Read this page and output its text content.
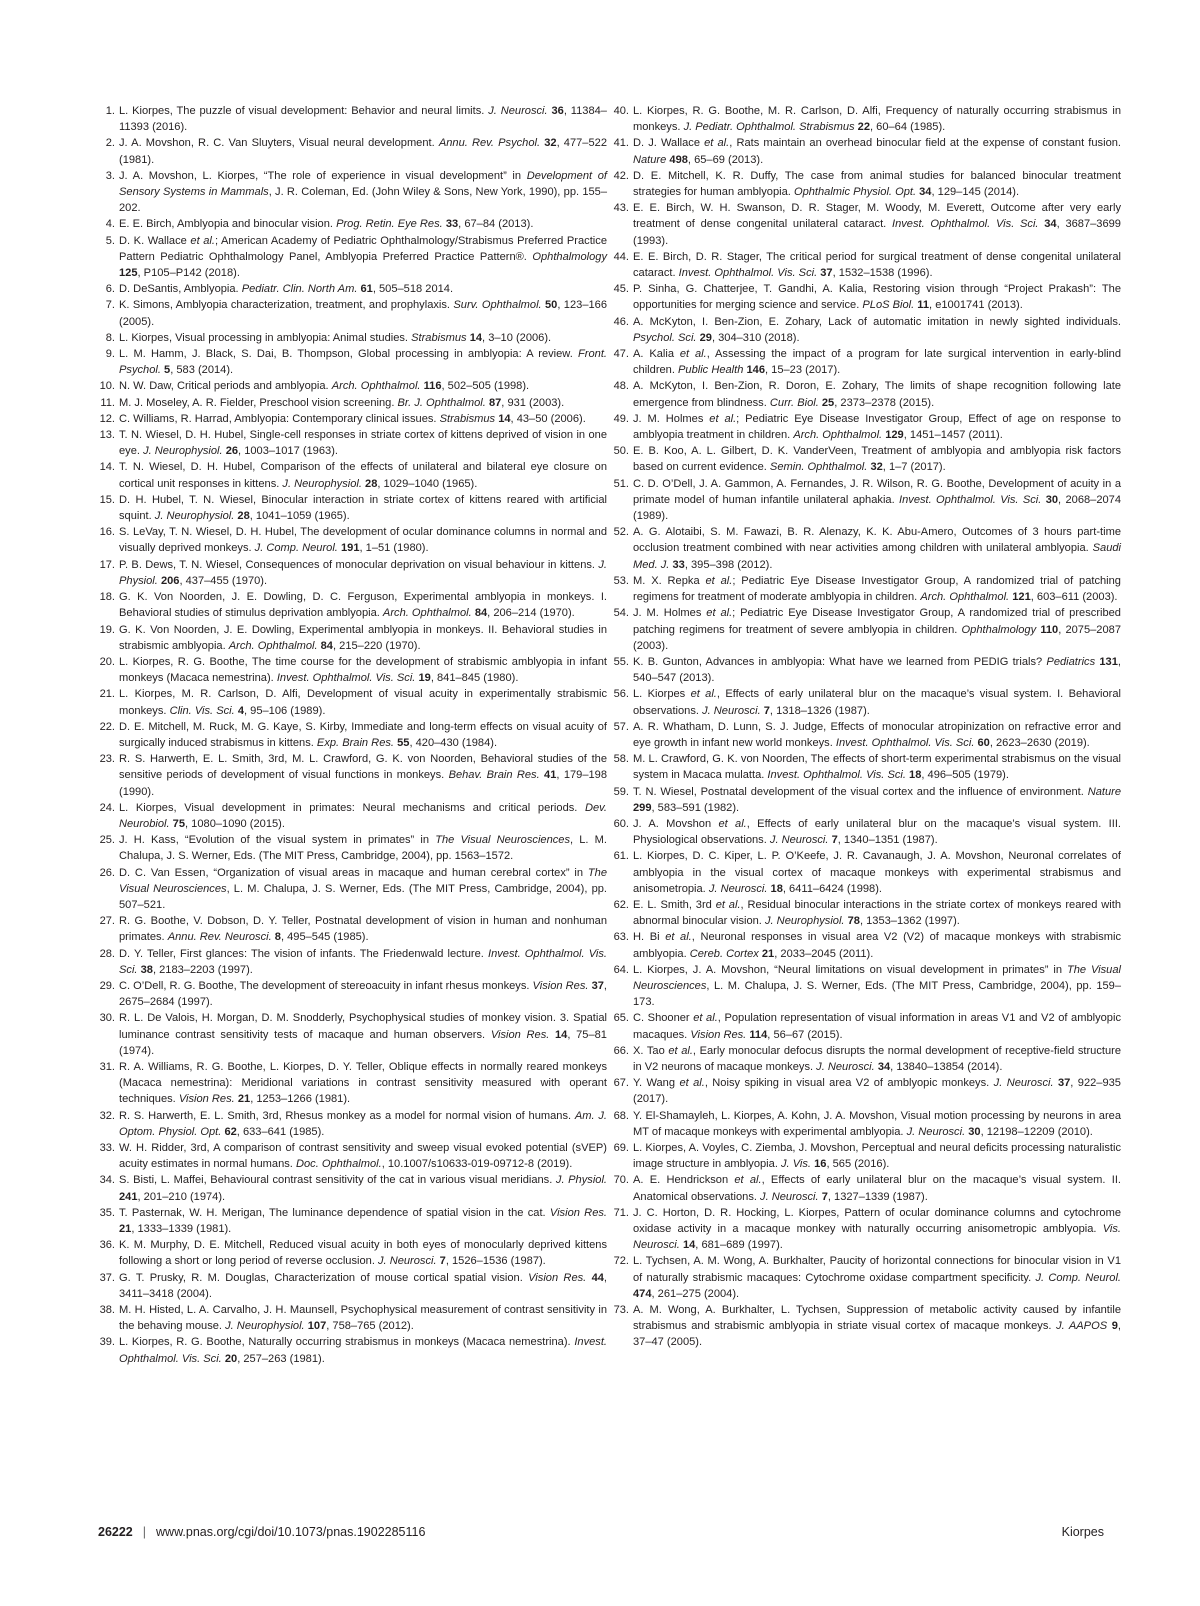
1. L. Kiorpes, The puzzle of visual development: Behavior and neural limits. J. Neurosci. 36, 11384–11393 (2016).

2. J. A. Movshon, R. C. Van Sluyters, Visual neural development. Annu. Rev. Psychol. 32, 477–522 (1981).

3. J. A. Movshon, L. Kiorpes, “The role of experience in visual development” in Development of Sensory Systems in Mammals, J. R. Coleman, Ed. (John Wiley & Sons, New York, 1990), pp. 155–202.

4. E. E. Birch, Amblyopia and binocular vision. Prog. Retin. Eye Res. 33, 67–84 (2013).

5. D. K. Wallace et al.; American Academy of Pediatric Ophthalmology/Strabismus Preferred Practice Pattern Pediatric Ophthalmology Panel, Amblyopia Preferred Practice Pattern®. Ophthalmology 125, P105–P142 (2018).

6. D. DeSantis, Amblyopia. Pediatr. Clin. North Am. 61, 505–518 2014.

7. K. Simons, Amblyopia characterization, treatment, and prophylaxis. Surv. Ophthalmol. 50, 123–166 (2005).

8. L. Kiorpes, Visual processing in amblyopia: Animal studies. Strabismus 14, 3–10 (2006).

9. L. M. Hamm, J. Black, S. Dai, B. Thompson, Global processing in amblyopia: A review. Front. Psychol. 5, 583 (2014).

10. N. W. Daw, Critical periods and amblyopia. Arch. Ophthalmol. 116, 502–505 (1998).

11. M. J. Moseley, A. R. Fielder, Preschool vision screening. Br. J. Ophthalmol. 87, 931 (2003).

12. C. Williams, R. Harrad, Amblyopia: Contemporary clinical issues. Strabismus 14, 43–50 (2006).

13. T. N. Wiesel, D. H. Hubel, Single-cell responses in striate cortex of kittens deprived of vision in one eye. J. Neurophysiol. 26, 1003–1017 (1963).

14. T. N. Wiesel, D. H. Hubel, Comparison of the effects of unilateral and bilateral eye closure on cortical unit responses in kittens. J. Neurophysiol. 28, 1029–1040 (1965).

15. D. H. Hubel, T. N. Wiesel, Binocular interaction in striate cortex of kittens reared with artificial squint. J. Neurophysiol. 28, 1041–1059 (1965).

16. S. LeVay, T. N. Wiesel, D. H. Hubel, The development of ocular dominance columns in normal and visually deprived monkeys. J. Comp. Neurol. 191, 1–51 (1980).

17. P. B. Dews, T. N. Wiesel, Consequences of monocular deprivation on visual behaviour in kittens. J. Physiol. 206, 437–455 (1970).

18. G. K. Von Noorden, J. E. Dowling, D. C. Ferguson, Experimental amblyopia in monkeys. I. Behavioral studies of stimulus deprivation amblyopia. Arch. Ophthalmol. 84, 206–214 (1970).

19. G. K. Von Noorden, J. E. Dowling, Experimental amblyopia in monkeys. II. Behavioral studies in strabismic amblyopia. Arch. Ophthalmol. 84, 215–220 (1970).

20. L. Kiorpes, R. G. Boothe, The time course for the development of strabismic amblyopia in infant monkeys (Macaca nemestrina). Invest. Ophthalmol. Vis. Sci. 19, 841–845 (1980).

21. L. Kiorpes, M. R. Carlson, D. Alfi, Development of visual acuity in experimentally strabismic monkeys. Clin. Vis. Sci. 4, 95–106 (1989).

22. D. E. Mitchell, M. Ruck, M. G. Kaye, S. Kirby, Immediate and long-term effects on visual acuity of surgically induced strabismus in kittens. Exp. Brain Res. 55, 420–430 (1984).

23. R. S. Harwerth, E. L. Smith, 3rd, M. L. Crawford, G. K. von Noorden, Behavioral studies of the sensitive periods of development of visual functions in monkeys. Behav. Brain Res. 41, 179–198 (1990).

24. L. Kiorpes, Visual development in primates: Neural mechanisms and critical periods. Dev. Neurobiol. 75, 1080–1090 (2015).

25. J. H. Kass, “Evolution of the visual system in primates” in The Visual Neurosciences, L. M. Chalupa, J. S. Werner, Eds. (The MIT Press, Cambridge, 2004), pp. 1563–1572.

26. D. C. Van Essen, “Organization of visual areas in macaque and human cerebral cortex” in The Visual Neurosciences, L. M. Chalupa, J. S. Werner, Eds. (The MIT Press, Cambridge, 2004), pp. 507–521.

27. R. G. Boothe, V. Dobson, D. Y. Teller, Postnatal development of vision in human and nonhuman primates. Annu. Rev. Neurosci. 8, 495–545 (1985).

28. D. Y. Teller, First glances: The vision of infants. The Friedenwald lecture. Invest. Ophthalmol. Vis. Sci. 38, 2183–2203 (1997).

29. C. O’Dell, R. G. Boothe, The development of stereoacuity in infant rhesus monkeys. Vision Res. 37, 2675–2684 (1997).

30. R. L. De Valois, H. Morgan, D. M. Snodderly, Psychophysical studies of monkey vision. 3. Spatial luminance contrast sensitivity tests of macaque and human observers. Vision Res. 14, 75–81 (1974).

31. R. A. Williams, R. G. Boothe, L. Kiorpes, D. Y. Teller, Oblique effects in normally reared monkeys (Macaca nemestrina): Meridional variations in contrast sensitivity measured with operant techniques. Vision Res. 21, 1253–1266 (1981).

32. R. S. Harwerth, E. L. Smith, 3rd, Rhesus monkey as a model for normal vision of humans. Am. J. Optom. Physiol. Opt. 62, 633–641 (1985).

33. W. H. Ridder, 3rd, A comparison of contrast sensitivity and sweep visual evoked potential (sVEP) acuity estimates in normal humans. Doc. Ophthalmol., 10.1007/s10633-019-09712-8 (2019).

34. S. Bisti, L. Maffei, Behavioural contrast sensitivity of the cat in various visual meridians. J. Physiol. 241, 201–210 (1974).

35. T. Pasternak, W. H. Merigan, The luminance dependence of spatial vision in the cat. Vision Res. 21, 1333–1339 (1981).

36. K. M. Murphy, D. E. Mitchell, Reduced visual acuity in both eyes of monocularly deprived kittens following a short or long period of reverse occlusion. J. Neurosci. 7, 1526–1536 (1987).

37. G. T. Prusky, R. M. Douglas, Characterization of mouse cortical spatial vision. Vision Res. 44, 3411–3418 (2004).

38. M. H. Histed, L. A. Carvalho, J. H. Maunsell, Psychophysical measurement of contrast sensitivity in the behaving mouse. J. Neurophysiol. 107, 758–765 (2012).

39. L. Kiorpes, R. G. Boothe, Naturally occurring strabismus in monkeys (Macaca nemestrina). Invest. Ophthalmol. Vis. Sci. 20, 257–263 (1981).

40. L. Kiorpes, R. G. Boothe, M. R. Carlson, D. Alfi, Frequency of naturally occurring strabismus in monkeys. J. Pediatr. Ophthalmol. Strabismus 22, 60–64 (1985).

41. D. J. Wallace et al., Rats maintain an overhead binocular field at the expense of constant fusion. Nature 498, 65–69 (2013).

42. D. E. Mitchell, K. R. Duffy, The case from animal studies for balanced binocular treatment strategies for human amblyopia. Ophthalmic Physiol. Opt. 34, 129–145 (2014).

43. E. E. Birch, W. H. Swanson, D. R. Stager, M. Woody, M. Everett, Outcome after very early treatment of dense congenital unilateral cataract. Invest. Ophthalmol. Vis. Sci. 34, 3687–3699 (1993).

44. E. E. Birch, D. R. Stager, The critical period for surgical treatment of dense congenital unilateral cataract. Invest. Ophthalmol. Vis. Sci. 37, 1532–1538 (1996).

45. P. Sinha, G. Chatterjee, T. Gandhi, A. Kalia, Restoring vision through “Project Prakash”: The opportunities for merging science and service. PLoS Biol. 11, e1001741 (2013).

46. A. McKyton, I. Ben-Zion, E. Zohary, Lack of automatic imitation in newly sighted individuals. Psychol. Sci. 29, 304–310 (2018).

47. A. Kalia et al., Assessing the impact of a program for late surgical intervention in early-blind children. Public Health 146, 15–23 (2017).

48. A. McKyton, I. Ben-Zion, R. Doron, E. Zohary, The limits of shape recognition following late emergence from blindness. Curr. Biol. 25, 2373–2378 (2015).

49. J. M. Holmes et al.; Pediatric Eye Disease Investigator Group, Effect of age on response to amblyopia treatment in children. Arch. Ophthalmol. 129, 1451–1457 (2011).

50. E. B. Koo, A. L. Gilbert, D. K. VanderVeen, Treatment of amblyopia and amblyopia risk factors based on current evidence. Semin. Ophthalmol. 32, 1–7 (2017).

51. C. D. O’Dell, J. A. Gammon, A. Fernandes, J. R. Wilson, R. G. Boothe, Development of acuity in a primate model of human infantile unilateral aphakia. Invest. Ophthalmol. Vis. Sci. 30, 2068–2074 (1989).

52. A. G. Alotaibi, S. M. Fawazi, B. R. Alenazy, K. K. Abu-Amero, Outcomes of 3 hours part-time occlusion treatment combined with near activities among children with unilateral amblyopia. Saudi Med. J. 33, 395–398 (2012).

53. M. X. Repka et al.; Pediatric Eye Disease Investigator Group, A randomized trial of patching regimens for treatment of moderate amblyopia in children. Arch. Ophthalmol. 121, 603–611 (2003).

54. J. M. Holmes et al.; Pediatric Eye Disease Investigator Group, A randomized trial of prescribed patching regimens for treatment of severe amblyopia in children. Ophthalmology 110, 2075–2087 (2003).

55. K. B. Gunton, Advances in amblyopia: What have we learned from PEDIG trials? Pediatrics 131, 540–547 (2013).

56. L. Kiorpes et al., Effects of early unilateral blur on the macaque’s visual system. I. Behavioral observations. J. Neurosci. 7, 1318–1326 (1987).

57. A. R. Whatham, D. Lunn, S. J. Judge, Effects of monocular atropinization on refractive error and eye growth in infant new world monkeys. Invest. Ophthalmol. Vis. Sci. 60, 2623–2630 (2019).

58. M. L. Crawford, G. K. von Noorden, The effects of short-term experimental strabismus on the visual system in Macaca mulatta. Invest. Ophthalmol. Vis. Sci. 18, 496–505 (1979).

59. T. N. Wiesel, Postnatal development of the visual cortex and the influence of environment. Nature 299, 583–591 (1982).

60. J. A. Movshon et al., Effects of early unilateral blur on the macaque’s visual system. III. Physiological observations. J. Neurosci. 7, 1340–1351 (1987).

61. L. Kiorpes, D. C. Kiper, L. P. O’Keefe, J. R. Cavanaugh, J. A. Movshon, Neuronal correlates of amblyopia in the visual cortex of macaque monkeys with experimental strabismus and anisometropia. J. Neurosci. 18, 6411–6424 (1998).

62. E. L. Smith, 3rd et al., Residual binocular interactions in the striate cortex of monkeys reared with abnormal binocular vision. J. Neurophysiol. 78, 1353–1362 (1997).

63. H. Bi et al., Neuronal responses in visual area V2 (V2) of macaque monkeys with strabismic amblyopia. Cereb. Cortex 21, 2033–2045 (2011).

64. L. Kiorpes, J. A. Movshon, “Neural limitations on visual development in primates” in The Visual Neurosciences, L. M. Chalupa, J. S. Werner, Eds. (The MIT Press, Cambridge, 2004), pp. 159–173.

65. C. Shooner et al., Population representation of visual information in areas V1 and V2 of amblyopic macaques. Vision Res. 114, 56–67 (2015).

66. X. Tao et al., Early monocular defocus disrupts the normal development of receptive-field structure in V2 neurons of macaque monkeys. J. Neurosci. 34, 13840–13854 (2014).

67. Y. Wang et al., Noisy spiking in visual area V2 of amblyopic monkeys. J. Neurosci. 37, 922–935 (2017).

68. Y. El-Shamayleh, L. Kiorpes, A. Kohn, J. A. Movshon, Visual motion processing by neurons in area MT of macaque monkeys with experimental amblyopia. J. Neurosci. 30, 12198–12209 (2010).

69. L. Kiorpes, A. Voyles, C. Ziemba, J. Movshon, Perceptual and neural deficits processing naturalistic image structure in amblyopia. J. Vis. 16, 565 (2016).

70. A. E. Hendrickson et al., Effects of early unilateral blur on the macaque’s visual system. II. Anatomical observations. J. Neurosci. 7, 1327–1339 (1987).

71. J. C. Horton, D. R. Hocking, L. Kiorpes, Pattern of ocular dominance columns and cytochrome oxidase activity in a macaque monkey with naturally occurring anisometropic amblyopia. Vis. Neurosci. 14, 681–689 (1997).

72. L. Tychsen, A. M. Wong, A. Burkhalter, Paucity of horizontal connections for binocular vision in V1 of naturally strabismic macaques: Cytochrome oxidase compartment specificity. J. Comp. Neurol. 474, 261–275 (2004).

73. A. M. Wong, A. Burkhalter, L. Tychsen, Suppression of metabolic activity caused by infantile strabismus and strabismic amblyopia in striate visual cortex of macaque monkeys. J. AAPOS 9, 37–47 (2005).

26222 | www.pnas.org/cgi/doi/10.1073/pnas.1902285116	Kiorpes
